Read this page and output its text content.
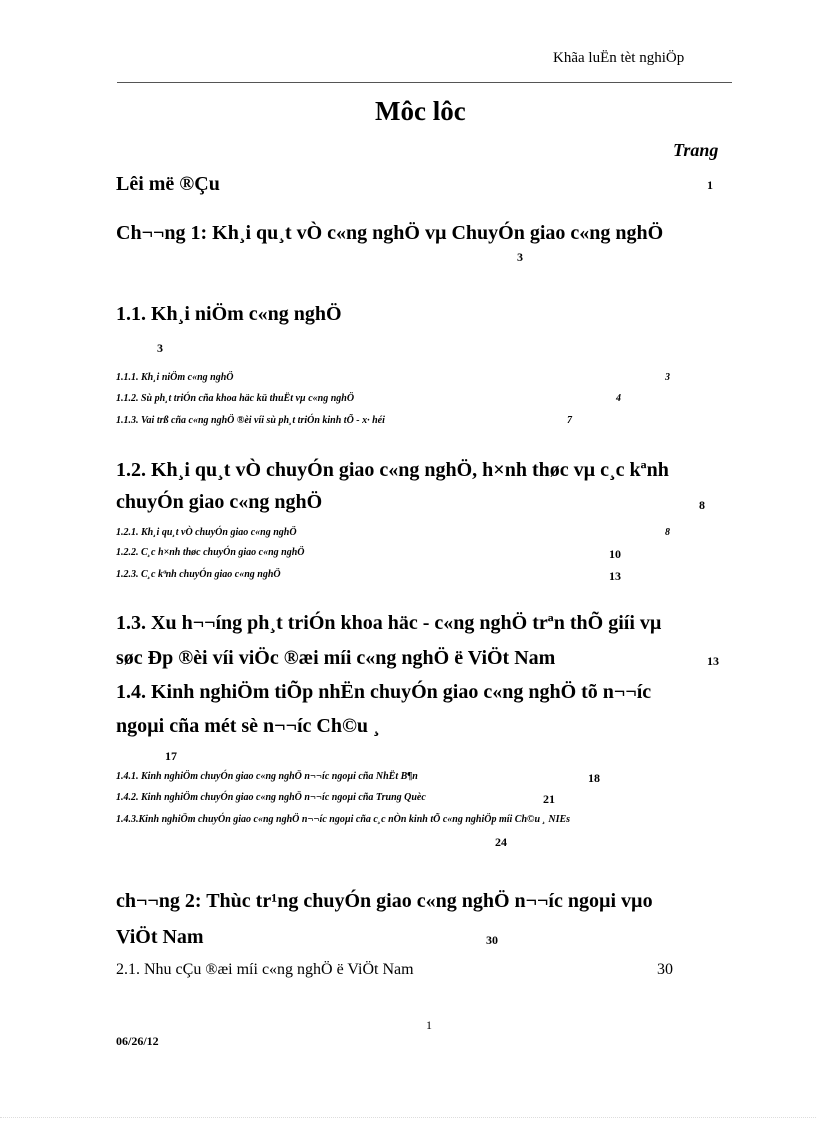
Khãa luËn tèt nghiÖp
Môc lôc
Trang
Lêi më ®Çu	1
Ch¬¬ng 1: Kh¸i qu¸t vÒ c«ng nghÖ vµ ChuyÓn giao c«ng nghÖ
3
1.1. Kh¸i niÖm c«ng nghÖ
3
1.1.1. Kh¸i niÖm c«ng nghÖ	3
1.1.2. Sù ph¸t triÓn cña khoa häc kü thuËt vµ c«ng nghÖ	4
1.1.3. Vai trß cña c«ng nghÖ ®èi víi sù ph¸t triÓn kinh tÕ - x· héi	7
1.2. Kh¸i qu¸t vÒ chuyÓn giao c«ng nghÖ, h×nh thøc vµ c¸c kªnh
chuyÓn giao c«ng nghÖ	8
1.2.1. Kh¸i qu¸t vÒ chuyÓn giao c«ng nghÖ	8
1.2.2. C¸c h×nh thøc chuyÓn giao c«ng nghÖ	10
1.2.3. C¸c kªnh chuyÓn giao c«ng nghÖ	13
1.3. Xu h¬¬íng ph¸t triÓn khoa häc - c«ng nghÖ trªn thÕ giíi vµ
søc Ðp ®èi víi viÖc ®æi míi c«ng nghÖ ë ViÖt Nam	13
1.4. Kinh nghiÖm tiÕp nhËn chuyÓn giao c«ng nghÖ tõ n¬¬íc
ngoµi cña mét sè n¬¬íc Ch©u ¸
17
1.4.1. Kinh nghiÖm chuyÓn giao c«ng nghÖ n¬¬íc ngoµi cña NhËt B¶n	18
1.4.2. Kinh nghiÖm chuyÓn giao c«ng nghÖ n¬¬íc ngoµi cña Trung Quèc	21
1.4.3.Kinh nghiÖm chuyÓn giao c«ng nghÖ n¬¬íc ngoµi cña c¸c nÒn kinh tÕ c«ng nghiÖp míi Ch©u ¸ NIEs
24
ch¬¬ng 2: Thùc tr¹ng chuyÓn giao c«ng nghÖ n¬¬íc ngoµi vµo
ViÖt Nam	30
2.1. Nhu cÇu ®æi míi c«ng nghÖ ë ViÖt Nam	30
1
06/26/12
